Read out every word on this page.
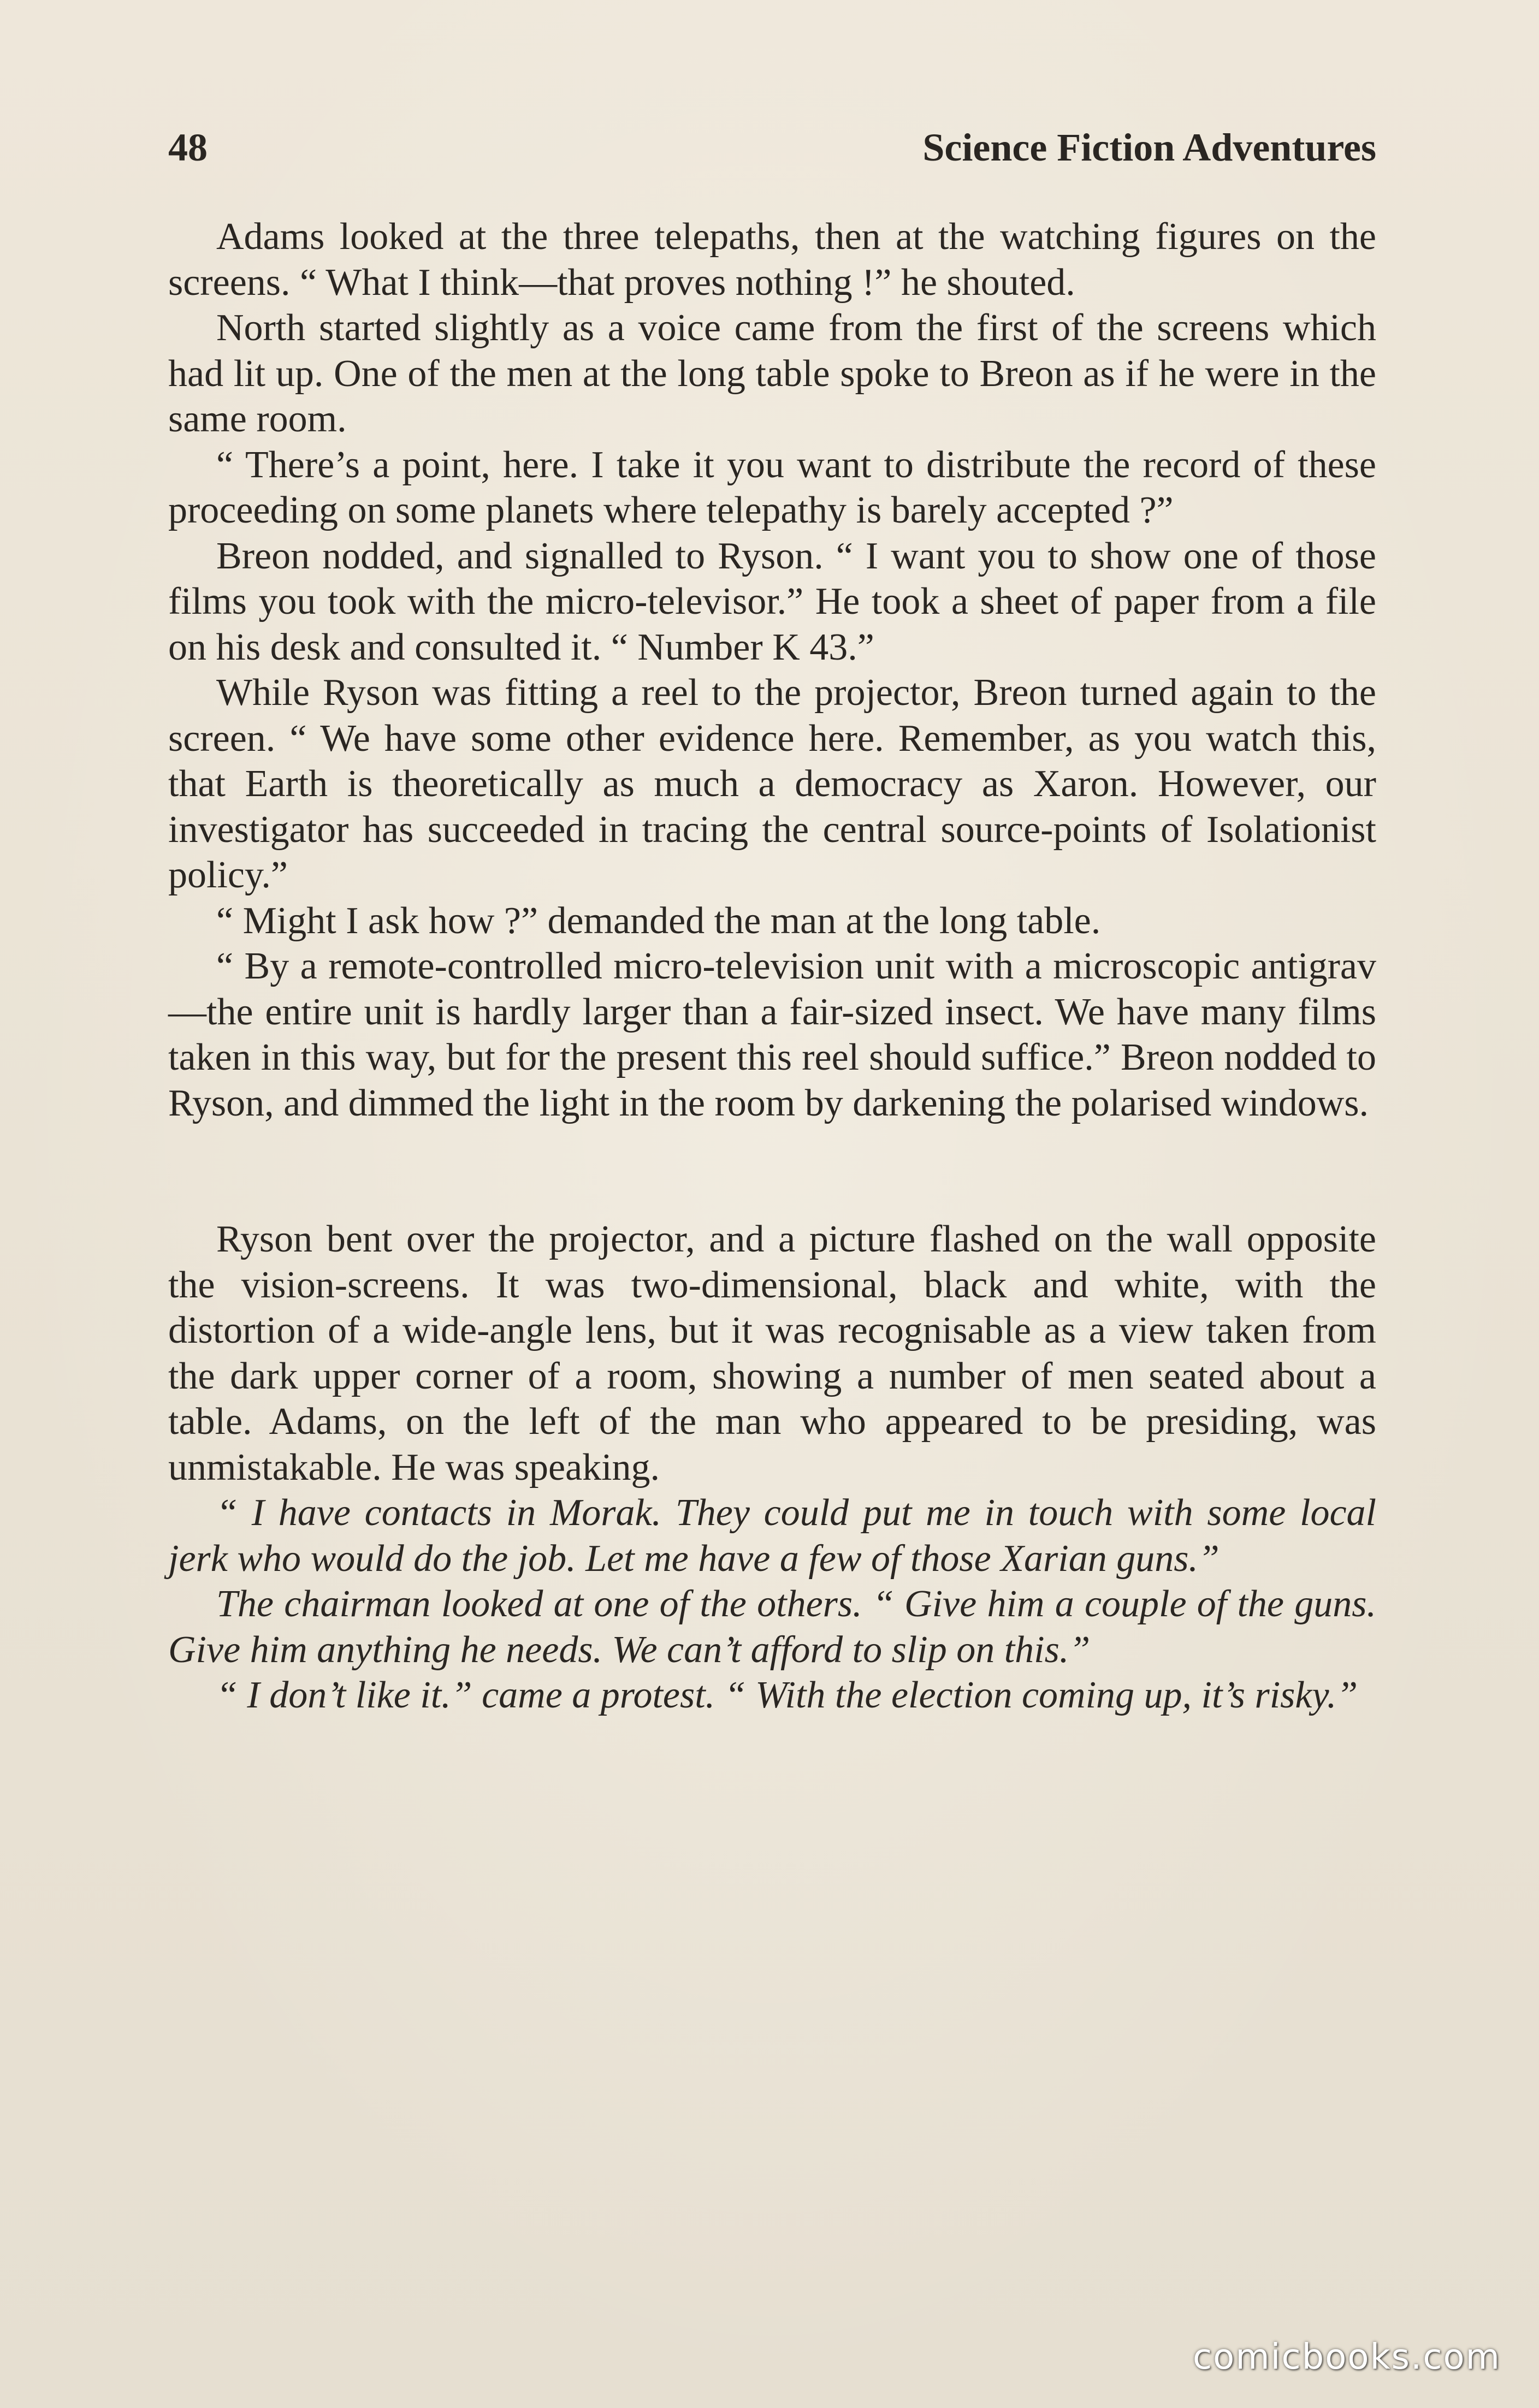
48	Science Fiction Adventures

Adams looked at the three telepaths, then at the watching figures on the screens. “ What I think—that proves nothing !” he shouted.

North started slightly as a voice came from the first of the screens which had lit up. One of the men at the long table spoke to Breon as if he were in the same room.

“ There’s a point, here. I take it you want to distribute the record of these proceeding on some planets where telepathy is barely accepted ?”

Breon nodded, and signalled to Ryson. “ I want you to show one of those films you took with the micro-televisor.” He took a sheet of paper from a file on his desk and consulted it. “ Number K 43.”

While Ryson was fitting a reel to the projector, Breon turned again to the screen. “ We have some other evidence here. Remember, as you watch this, that Earth is theoretically as much a democracy as Xaron. However, our investigator has succeeded in tracing the central source-points of Isolationist policy.”

“ Might I ask how ?” demanded the man at the long table.

“ By a remote-controlled micro-television unit with a microscopic antigrav—the entire unit is hardly larger than a fair-sized insect. We have many films taken in this way, but for the present this reel should suffice.” Breon nodded to Ryson, and dimmed the light in the room by darkening the polarised windows.

Ryson bent over the projector, and a picture flashed on the wall opposite the vision-screens. It was two-dimensional, black and white, with the distortion of a wide-angle lens, but it was recognisable as a view taken from the dark upper corner of a room, showing a number of men seated about a table. Adams, on the left of the man who appeared to be presiding, was unmistakable. He was speaking.

“ I have contacts in Morak. They could put me in touch with some local jerk who would do the job. Let me have a few of those Xarian guns.”

The chairman looked at one of the others. “ Give him a couple of the guns. Give him anything he needs. We can’t afford to slip on this.”

“ I don’t like it.” came a protest. “ With the election coming up, it’s risky.”

comicbooks.com
